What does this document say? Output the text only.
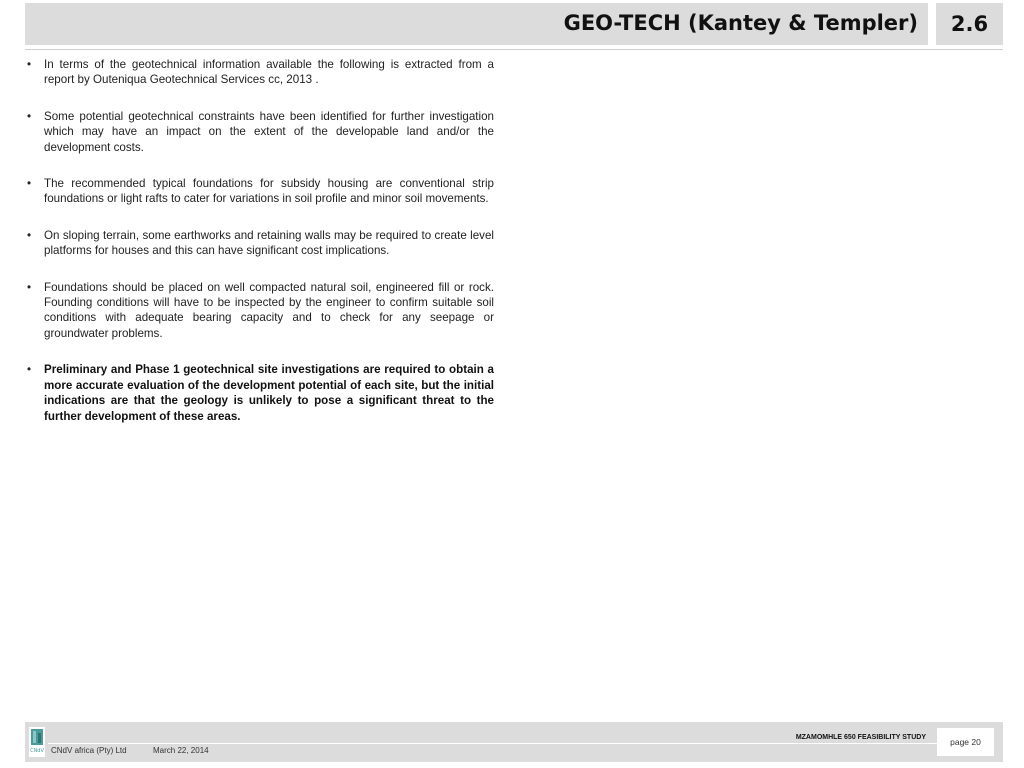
GEO-TECH (Kantey & Templer) 2.6
•	In terms of the geotechnical information available the following is extracted from a report by Outeniqua Geotechnical Services cc, 2013 .
•	Some potential geotechnical constraints have been identified for further investigation which may have an impact on the extent of the developable land and/or the development costs.
•	The recommended typical foundations for subsidy housing are conventional strip foundations or light rafts to cater for variations in soil profile and minor soil movements.
•	On sloping terrain, some earthworks and retaining walls may be required to create level platforms for houses and this can have significant cost implications.
•	Foundations should be placed on well compacted natural soil, engineered fill or rock. Founding conditions will have to be inspected by the engineer to confirm suitable soil conditions with adequate bearing capacity and to check for any seepage or groundwater problems.
•	Preliminary and Phase 1 geotechnical site investigations are required to obtain a more accurate evaluation of the development potential of each site, but the initial indications are that the geology is unlikely to pose a significant threat to the further development of these areas.
CNdV CNdV africa (Pty) Ltd	March 22, 2014
MZAMOMHLE 650 FEASIBILITY STUDY	page 20
